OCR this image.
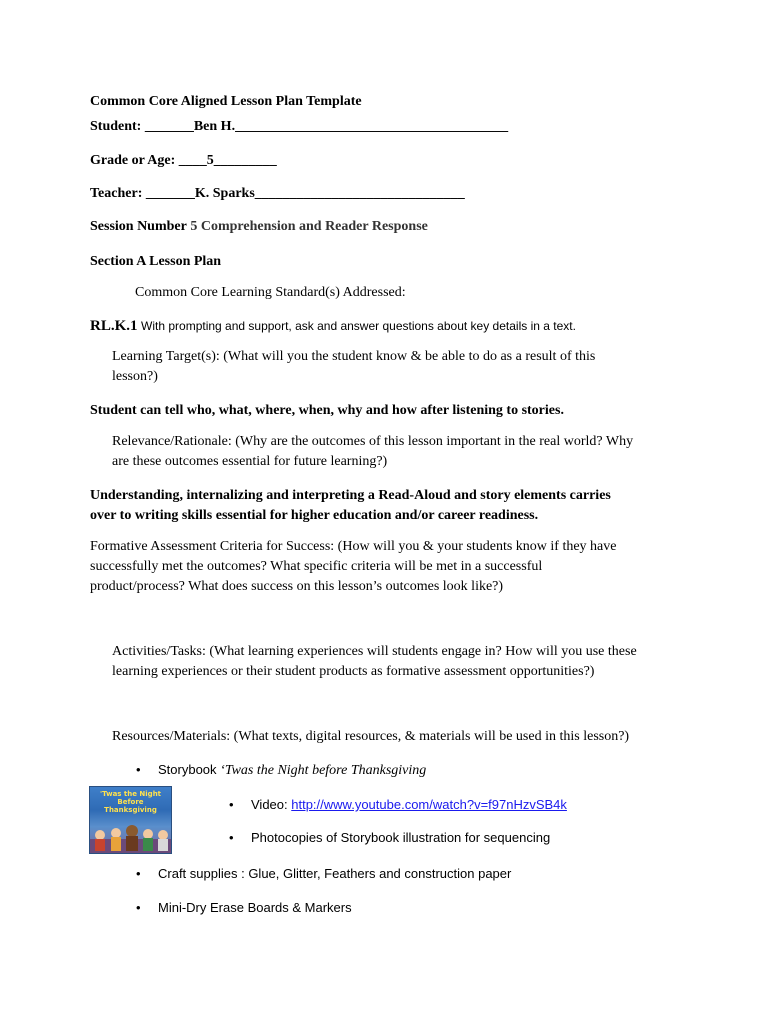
Common Core Aligned Lesson Plan Template
Student: _______Ben H._______________________________________
Grade or Age: ____5_________
Teacher: _______K. Sparks______________________________
Session Number 5 Comprehension and Reader Response
Section A Lesson Plan
Common Core Learning Standard(s) Addressed:
RL.K.1 With prompting and support, ask and answer questions about key details in a text.
Learning Target(s): (What will you the student know & be able to do as a result of this
lesson?)
Student can tell who, what, where, when, why and how after listening to stories.
Relevance/Rationale: (Why are the outcomes of this lesson important in the real world? Why
are these outcomes essential for future learning?)
Understanding, internalizing and interpreting a Read-Aloud and story elements carries
over to writing skills essential for higher education and/or career readiness.
Formative Assessment Criteria for Success: (How will you & your students know if they have
successfully met the outcomes? What specific criteria will be met in a successful
product/process? What does success on this lesson’s outcomes look like?)
Activities/Tasks: (What learning experiences will students engage in? How will you use these
learning experiences or their student products as formative assessment opportunities?)
Resources/Materials: (What texts, digital resources, & materials will be used in this lesson?)
• Storybook ‘Twas the Night before Thanksgiving
'Twas the Night Before Thanksgiving	• Video: http://www.youtube.com/watch?v=f97nHzvSB4k
• Photocopies of Storybook illustration for sequencing
• Craft supplies : Glue, Glitter, Feathers and construction paper
• Mini-Dry Erase Boards & Markers
